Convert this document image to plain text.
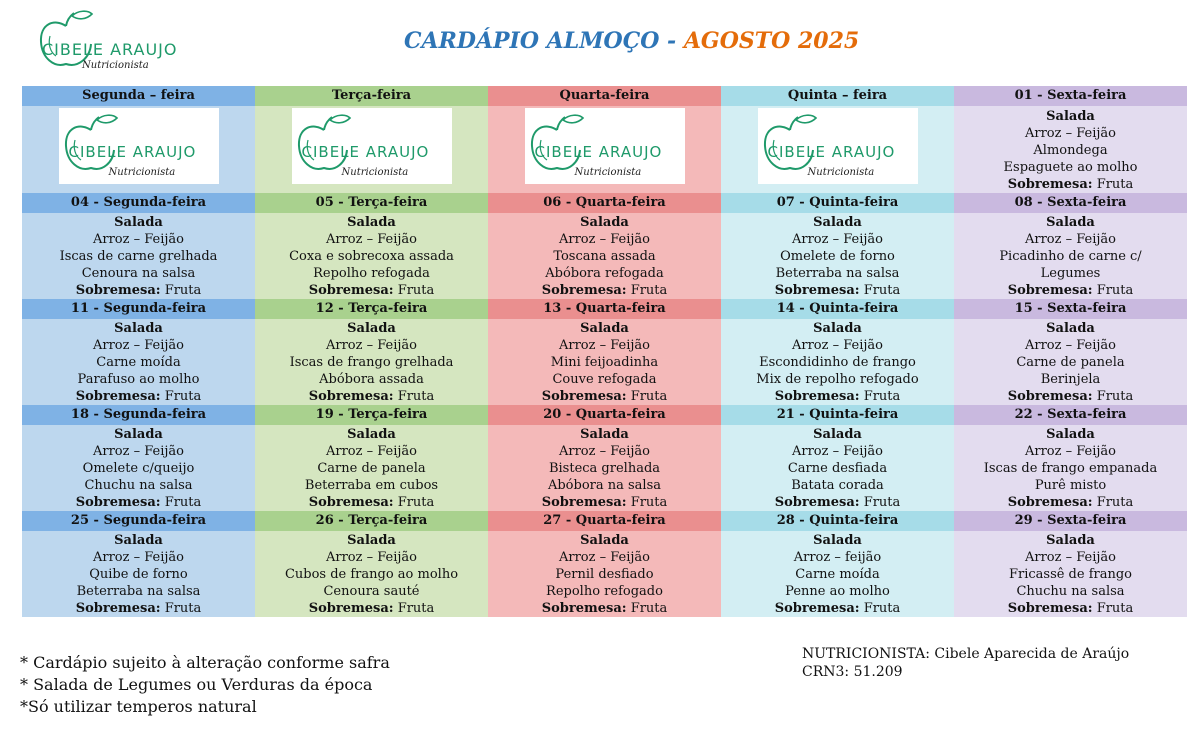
CIBELE ARAUJO
Nutricionista
CARDÁPIO ALMOÇO - AGOSTO 2025
Segunda – feira
CIBELE ARAUJO
Nutricionista
04 - Segunda-feira
Salada
Arroz – Feijão
Iscas de carne grelhada
Cenoura na salsa
Sobremesa: Fruta
11 - Segunda-feira
Salada
Arroz – Feijão
Carne moída
Parafuso ao molho
Sobremesa: Fruta
18 - Segunda-feira
Salada
Arroz – Feijão
Omelete c/queijo
Chuchu na salsa
Sobremesa: Fruta
25 - Segunda-feira
Salada
Arroz – Feijão
Quibe de forno
Beterraba na salsa
Sobremesa: Fruta
Terça-feira
CIBELE ARAUJO
Nutricionista
05 - Terça-feira
Salada
Arroz – Feijão
Coxa e sobrecoxa assada
Repolho refogada
Sobremesa: Fruta
12 - Terça-feira
Salada
Arroz – Feijão
Iscas de frango grelhada
Abóbora assada
Sobremesa: Fruta
19 - Terça-feira
Salada
Arroz – Feijão
Carne de panela
Beterraba em cubos
Sobremesa: Fruta
26 - Terça-feira
Salada
Arroz – Feijão
Cubos de frango ao molho
Cenoura sauté
Sobremesa: Fruta
Quarta-feira
CIBELE ARAUJO
Nutricionista
06 - Quarta-feira
Salada
Arroz – Feijão
Toscana assada
Abóbora refogada
Sobremesa: Fruta
13 - Quarta-feira
Salada
Arroz – Feijão
Mini feijoadinha
Couve refogada
Sobremesa: Fruta
20 - Quarta-feira
Salada
Arroz – Feijão
Bisteca grelhada
Abóbora na salsa
Sobremesa: Fruta
27 - Quarta-feira
Salada
Arroz – Feijão
Pernil desfiado
Repolho refogado
Sobremesa: Fruta
Quinta – feira
CIBELE ARAUJO
Nutricionista
07 - Quinta-feira
Salada
Arroz – Feijão
Omelete de forno
Beterraba na salsa
Sobremesa: Fruta
14 - Quinta-feira
Salada
Arroz – Feijão
Escondidinho de frango
Mix de repolho refogado
Sobremesa: Fruta
21 - Quinta-feira
Salada
Arroz – Feijão
Carne desfiada
Batata corada
Sobremesa: Fruta
28 - Quinta-feira
Salada
Arroz – feijão
Carne moída
Penne ao molho
Sobremesa: Fruta
01 - Sexta-feira
Salada
Arroz – Feijão
Almondega
Espaguete ao molho
Sobremesa: Fruta
08 - Sexta-feira
Salada
Arroz – Feijão
Picadinho de carne c/
Legumes
Sobremesa: Fruta
15 - Sexta-feira
Salada
Arroz – Feijão
Carne de panela
Berinjela
Sobremesa: Fruta
22 - Sexta-feira
Salada
Arroz – Feijão
Iscas de frango empanada
Purê misto
Sobremesa: Fruta
29 - Sexta-feira
Salada
Arroz – Feijão
Fricassê de frango
Chuchu na salsa
Sobremesa: Fruta
* Cardápio sujeito à alteração conforme safra
* Salada de Legumes ou Verduras da época
*Só utilizar temperos natural
NUTRICIONISTA: Cibele Aparecida de Araújo
CRN3: 51.209
